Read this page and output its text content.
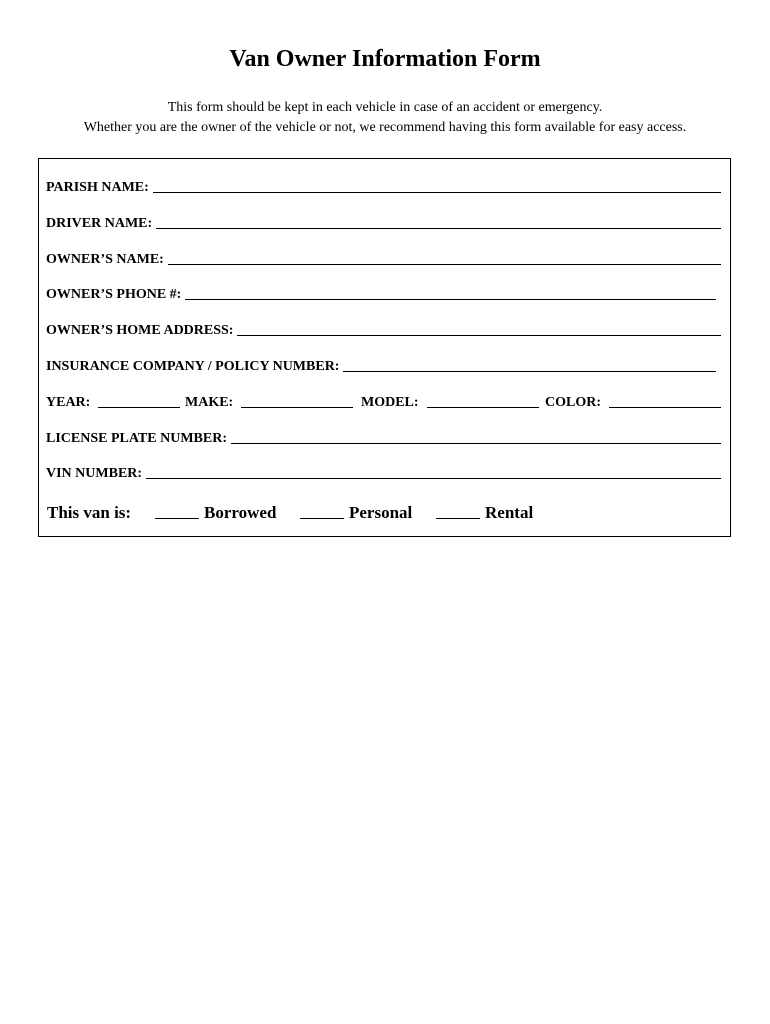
Van Owner Information Form
This form should be kept in each vehicle in case of an accident or emergency.
Whether you are the owner of the vehicle or not, we recommend having this form available for easy access.
PARISH NAME:
DRIVER NAME:
OWNER’S NAME:
OWNER’S PHONE #:
OWNER’S HOME ADDRESS:
INSURANCE COMPANY / POLICY NUMBER:
YEAR:	MAKE:	MODEL:	COLOR:
LICENSE PLATE NUMBER:
VIN NUMBER:
This van is:	Borrowed	Personal	Rental
